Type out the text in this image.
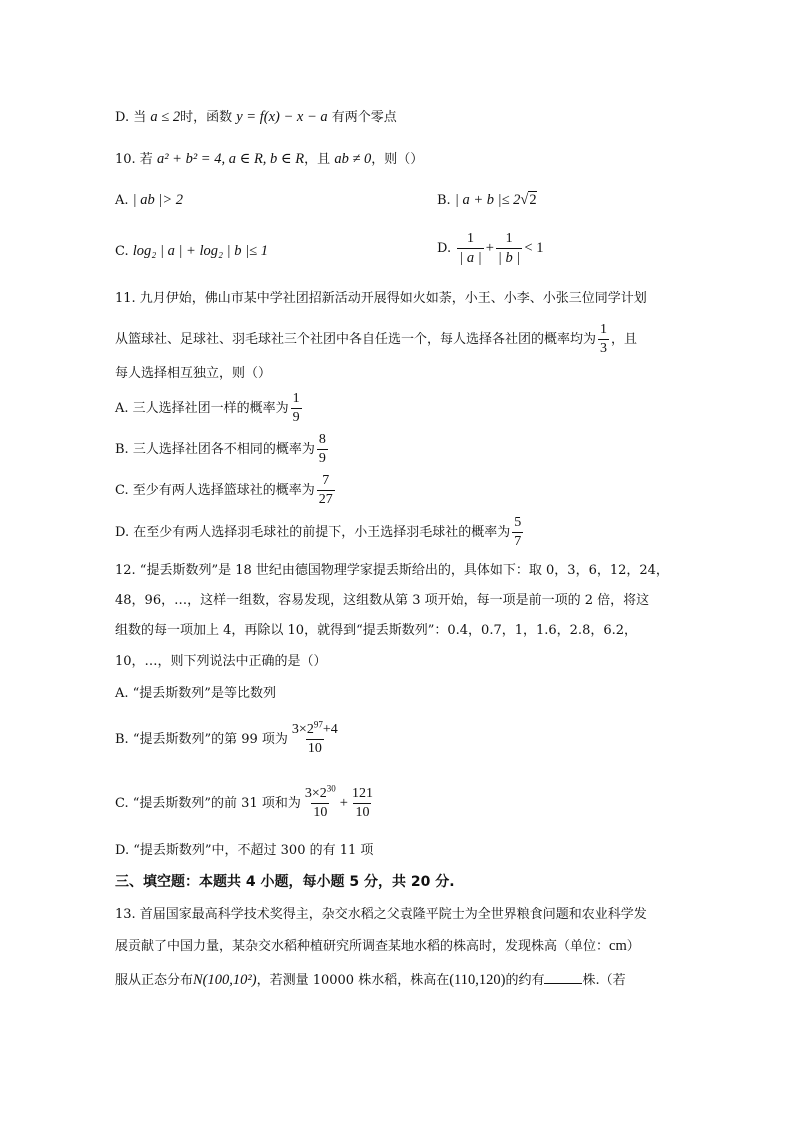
D. 当 a ≤ 2时，函数 y = f(x) − x − a 有两个零点
10. 若 a² + b² = 4, a ∈ R, b ∈ R，且 ab ≠ 0，则（）
A. | ab |> 2	B. | a + b |≤ 2√2
C. log₂ | a | + log₂ | b |≤ 1	D. $\frac{1}{| a |} + \frac{1}{| b |} < 1$
11. 九月伊始，佛山市某中学社团招新活动开展得如火如荼，小王、小李、小张三位同学计划
从篮球社、足球社、羽毛球社三个社团中各自任选一个，每人选择各社团的概率均为 $\frac{1}{3}$ ，且
每人选择相互独立，则（）
A. 三人选择社团一样的概率为 $\frac{1}{9}$
B. 三人选择社团各不相同的概率为 $\frac{8}{9}$
C. 至少有两人选择篮球社的概率为 $\frac{7}{27}$
D. 在至少有两人选择羽毛球社的前提下，小王选择羽毛球社的概率为 $\frac{5}{7}$
12. “提丢斯数列”是 18 世纪由德国物理学家提丢斯给出的，具体如下：取 0，3，6，12，24，
48，96，…，这样一组数，容易发现，这组数从第 3 项开始，每一项是前一项的 2 倍，将这
组数的每一项加上 4，再除以 10，就得到“提丢斯数列”：0.4，0.7，1，1.6，2.8，6.2，
10，…，则下列说法中正确的是（）
A. “提丢斯数列”是等比数列
B. “提丢斯数列”的第 99 项为 $\frac{3\times 2^{97}+4}{10}$
C. “提丢斯数列”的前 31 项和为 $\frac{3\times 2^{30}}{10} + \frac{121}{10}$
D. “提丢斯数列”中，不超过 300 的有 11 项
三、填空题：本题共 4 小题，每小题 5 分，共 20 分.
13. 首届国家最高科学技术奖得主，杂交水稻之父袁隆平院士为全世界粮食问题和农业科学发
展贡献了中国力量，某杂交水稻种植研究所调查某地水稻的株高时，发现株高（单位：cm）
服从正态分布N(100,10²)，若测量 10000 株水稻，株高在(110,120)的约有	株.（若
